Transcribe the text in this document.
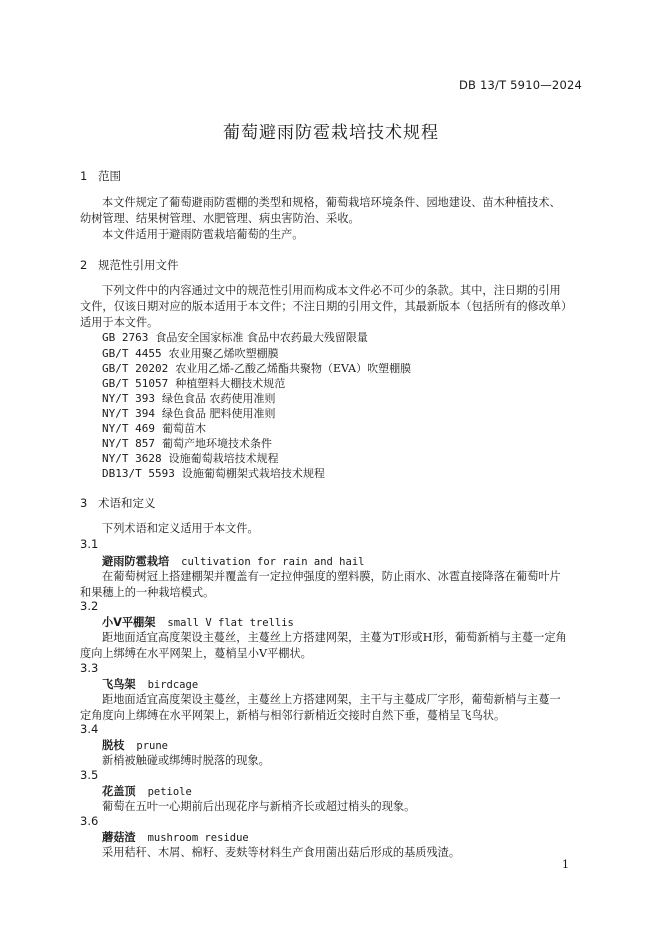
DB 13/T 5910—2024
葡萄避雨防雹栽培技术规程
1 范围
本文件规定了葡萄避雨防雹棚的类型和规格，葡萄栽培环境条件、园地建设、苗木种植技术、
幼树管理、结果树管理、水肥管理、病虫害防治、采收。
本文件适用于避雨防雹栽培葡萄的生产。
2 规范性引用文件
下列文件中的内容通过文中的规范性引用而构成本文件必不可少的条款。其中，注日期的引用
文件，仅该日期对应的版本适用于本文件；不注日期的引用文件，其最新版本（包括所有的修改单）
适用于本文件。
GB 2763 食品安全国家标准 食品中农药最大残留限量
GB/T 4455 农业用聚乙烯吹塑棚膜
GB/T 20202 农业用乙烯-乙酸乙烯酯共聚物（EVA）吹塑棚膜
GB/T 51057 种植塑料大棚技术规范
NY/T 393 绿色食品 农药使用准则
NY/T 394 绿色食品 肥料使用准则
NY/T 469 葡萄苗木
NY/T 857 葡萄产地环境技术条件
NY/T 3628 设施葡萄栽培技术规程
DB13/T 5593 设施葡萄棚架式栽培技术规程
3 术语和定义
下列术语和定义适用于本文件。
3.1
避雨防雹栽培 cultivation for rain and hail
在葡萄树冠上搭建棚架并覆盖有一定拉伸强度的塑料膜，防止雨水、冰雹直接降落在葡萄叶片
和果穗上的一种栽培模式。
3.2
小Ⅴ平棚架 small V flat trellis
距地面适宜高度架设主蔓丝，主蔓丝上方搭建网架，主蔓为T形或H形，葡萄新梢与主蔓一定角
度向上绑缚在水平网架上，蔓梢呈小V平棚状。
3.3
飞鸟架 birdcage
距地面适宜高度架设主蔓丝，主蔓丝上方搭建网架，主干与主蔓成厂字形，葡萄新梢与主蔓一
定角度向上绑缚在水平网架上，新梢与相邻行新梢近交接时自然下垂，蔓梢呈飞鸟状。
3.4
脱枝 prune
新梢被触碰或绑缚时脱落的现象。
3.5
花盖顶 petiole
葡萄在五叶一心期前后出现花序与新梢齐长或超过梢头的现象。
3.6
蘑菇渣 mushroom residue
采用秸秆、木屑、棉籽、麦麸等材料生产食用菌出菇后形成的基质残渣。
1
